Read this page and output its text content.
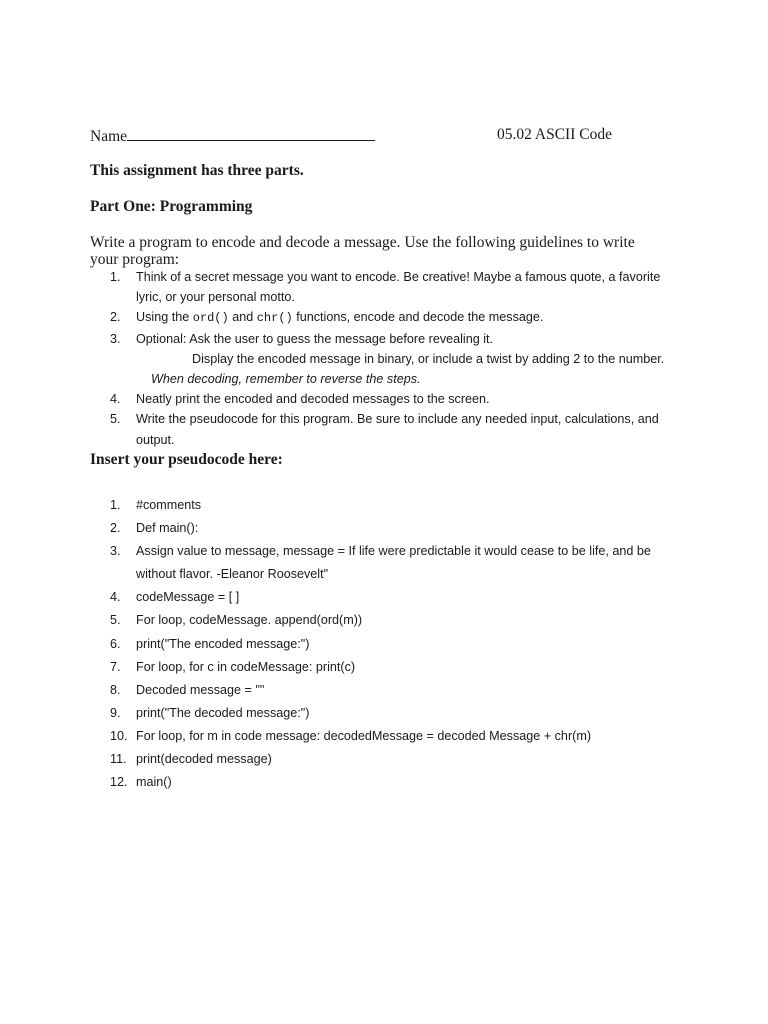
Name	05.02 ASCII Code
This assignment has three parts.
Part One: Programming
Write a program to encode and decode a message. Use the following guidelines to write your program:
1. Think of a secret message you want to encode. Be creative! Maybe a famous quote, a favorite lyric, or your personal motto.
2. Using the ord() and chr() functions, encode and decode the message.
3. Optional: Ask the user to guess the message before revealing it.
Display the encoded message in binary, or include a twist by adding 2 to the number.
When decoding, remember to reverse the steps.
4. Neatly print the encoded and decoded messages to the screen.
5. Write the pseudocode for this program. Be sure to include any needed input, calculations, and output.
Insert your pseudocode here:
1. #comments
2. Def main():
3. Assign value to message, message = If life were predictable it would cease to be life, and be without flavor. -Eleanor Roosevelt"
4. codeMessage = [ ]
5. For loop, codeMessage. append(ord(m))
6. print("The encoded message:")
7. For loop, for c in codeMessage: print(c)
8. Decoded message = ""
9. print("The decoded message:")
10. For loop, for m in code message: decodedMessage = decoded Message + chr(m)
11. print(decoded message)
12. main()
